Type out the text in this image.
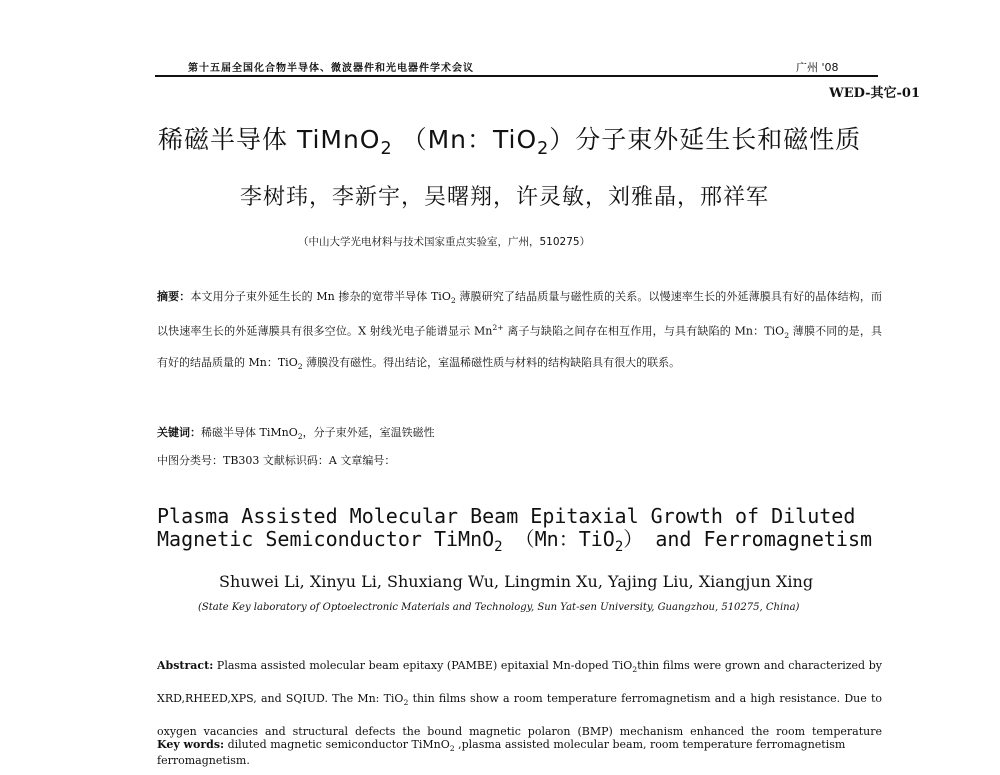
第十五届全国化合物半导体、微波器件和光电器件学术会议	广州 '08
WED-其它-01
稀磁半导体 TiMnO$_2$ （Mn：TiO$_2$）分子束外延生长和磁性质
李树玮，李新宇，吴曙翔，许灵敏，刘雅晶，邢祥军
（中山大学光电材料与技术国家重点实验室，广州，510275）
摘要：本文用分子束外延生长的 Mn 掺杂的宽带半导体 TiO$_2$ 薄膜研究了结晶质量与磁性质的关系。以慢速率生长的外延薄膜具有好的晶体结构，而以快速率生长的外延薄膜具有很多空位。X 射线光电子能谱显示 $Mn^{2+}$ 离子与缺陷之间存在相互作用，与具有缺陷的 Mn：TiO$_2$ 薄膜不同的是，具有好的结晶质量的 Mn：TiO$_2$ 薄膜没有磁性。得出结论，室温稀磁性质与材料的结构缺陷具有很大的联系。
关键词：稀磁半导体 TiMnO$_2$，分子束外延，室温铁磁性
中图分类号：TB303 文献标识码：A 文章编号：
Plasma Assisted Molecular Beam Epitaxial Growth of Diluted
Magnetic Semiconductor TiMnO$_2$ （Mn：TiO$_2$） and Ferromagnetism
Shuwei Li, Xinyu Li, Shuxiang Wu, Lingmin Xu, Yajing Liu, Xiangjun Xing
(State Key laboratory of Optoelectronic Materials and Technology, Sun Yat-sen University, Guangzhou, 510275, China)
Abstract: Plasma assisted molecular beam epitaxy (PAMBE) epitaxial Mn-doped TiO$_2$thin films were grown and characterized by XRD,RHEED,XPS, and SQIUD. The Mn: TiO$_2$ thin films show a room temperature ferromagnetism and a high resistance. Due to oxygen vacancies and structural defects the bound magnetic polaron (BMP) mechanism enhanced the room temperature ferromagnetism.
Key words: diluted magnetic semiconductor TiMnO$_2$ ,plasma assisted molecular beam, room temperature ferromagnetism
